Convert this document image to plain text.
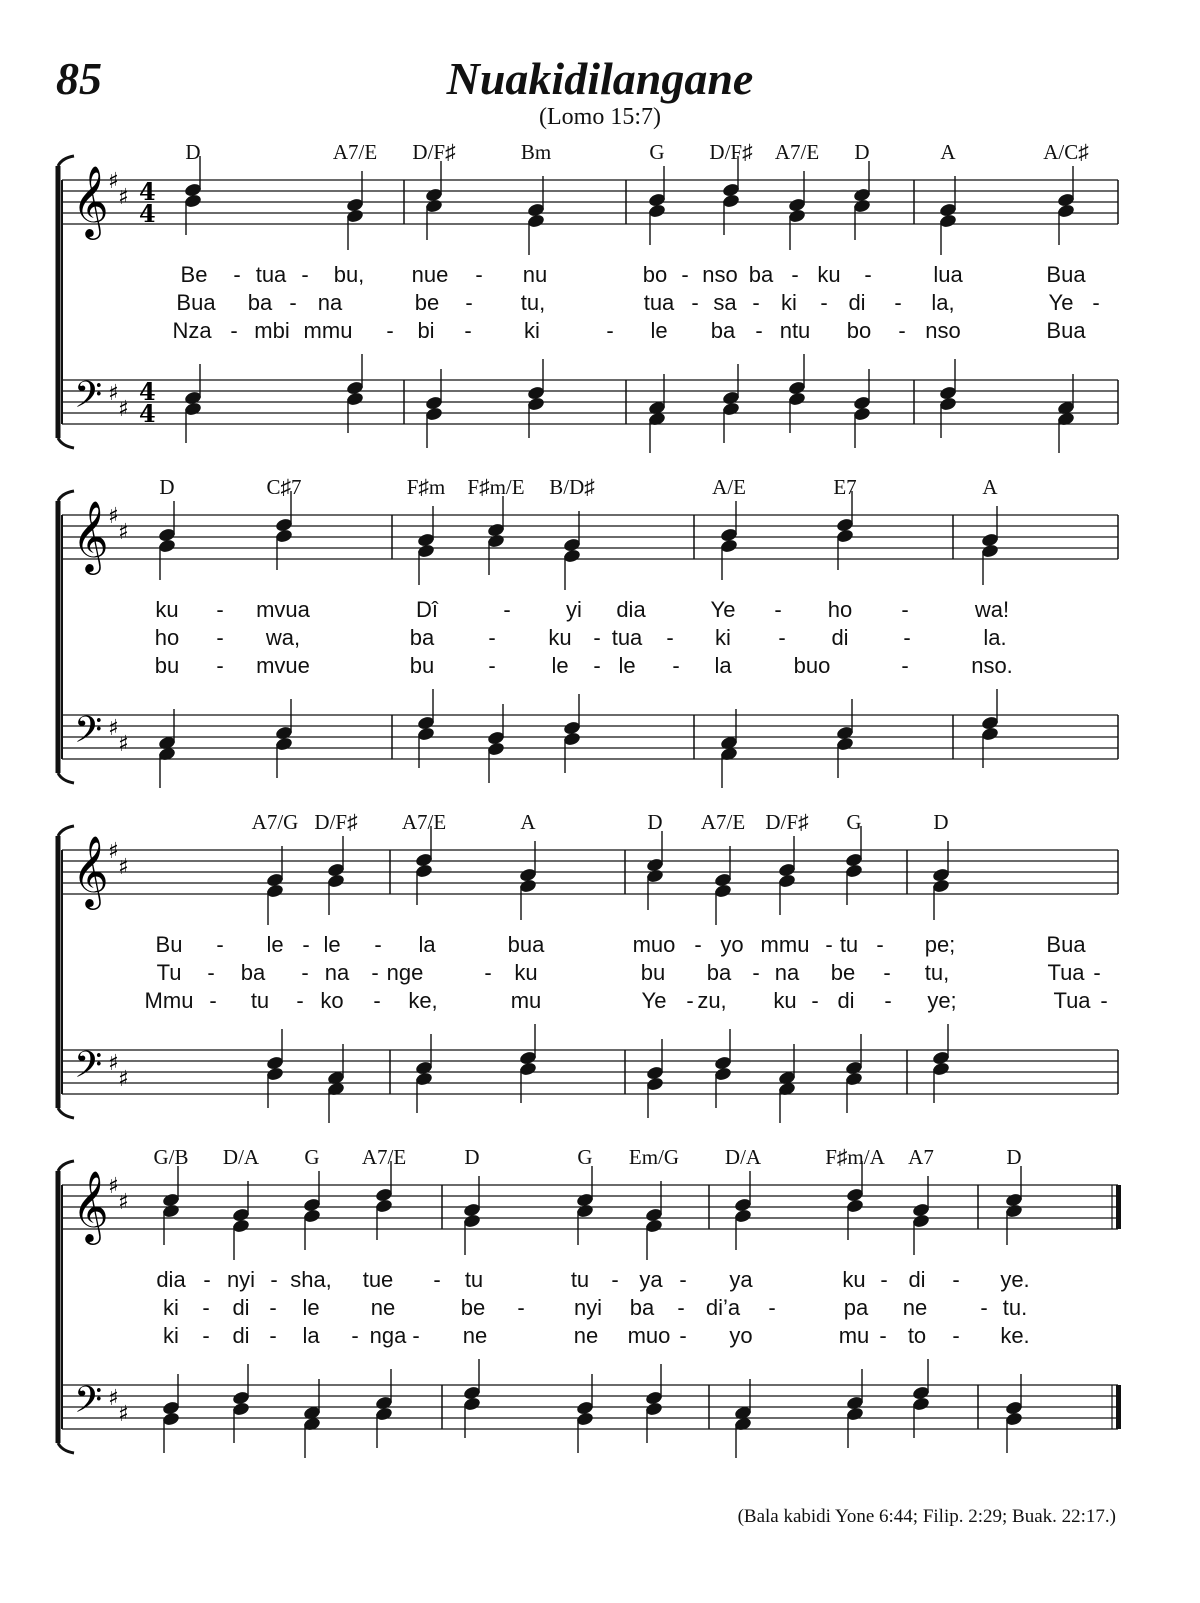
85	Nuakidilangane
(Lomo 15:7)
𝄞
𝄢
♯
♯
♯
♯
4
4
4
4
D	A7/E D/F♯	Bm	G D/F♯ A7/E D	A	A/C♯
Be - tua - bu, nue - nu	bo - nso ba - ku -	lua	Bua
Bua ba - na	be - tu,	tua - sa - ki - di - la,	Ye -
Nza - mbi mmu - bi - ki	- le ba - ntu bo - nso	Bua
𝄞
𝄢
♯
♯
♯
♯
D	C♯7	F♯m F♯m/E B/D♯	A/E	E7	A
ku - mvua	Dî	-	yi dia	Ye - ho -	wa!
ho - wa,	ba - ku - tua - ki - di -	la.
bu - mvue	bu -	le - le - la	buo	-	nso.
𝄞
𝄢
♯
♯
♯
♯
A7/G D/F♯ A7/E	A	D A7/E D/F♯ G	D
Bu - le - le - la	bua	muo - yo mmu - tu - pe;	Bua
Tu - ba - na - nge	- ku	bu ba - na be - tu,	Tua -
Mmu - tu - ko - ke,	mu	Ye - zu, ku - di - ye;	Tua -
𝄞
𝄢
♯
♯
♯
♯
G/B D/A G A7/E	D	G Em/G D/A	F♯m/A A7	D
dia - nyi - sha, tue - tu	tu - ya - ya	ku - di - ye.
ki - di - le ne	be - nyi ba - di’a -	pa ne - tu.
ki - di - la - nga - ne	ne muo - yo	mu - to - ke.
(Bala kabidi Yone 6:44; Filip. 2:29; Buak. 22:17.)
